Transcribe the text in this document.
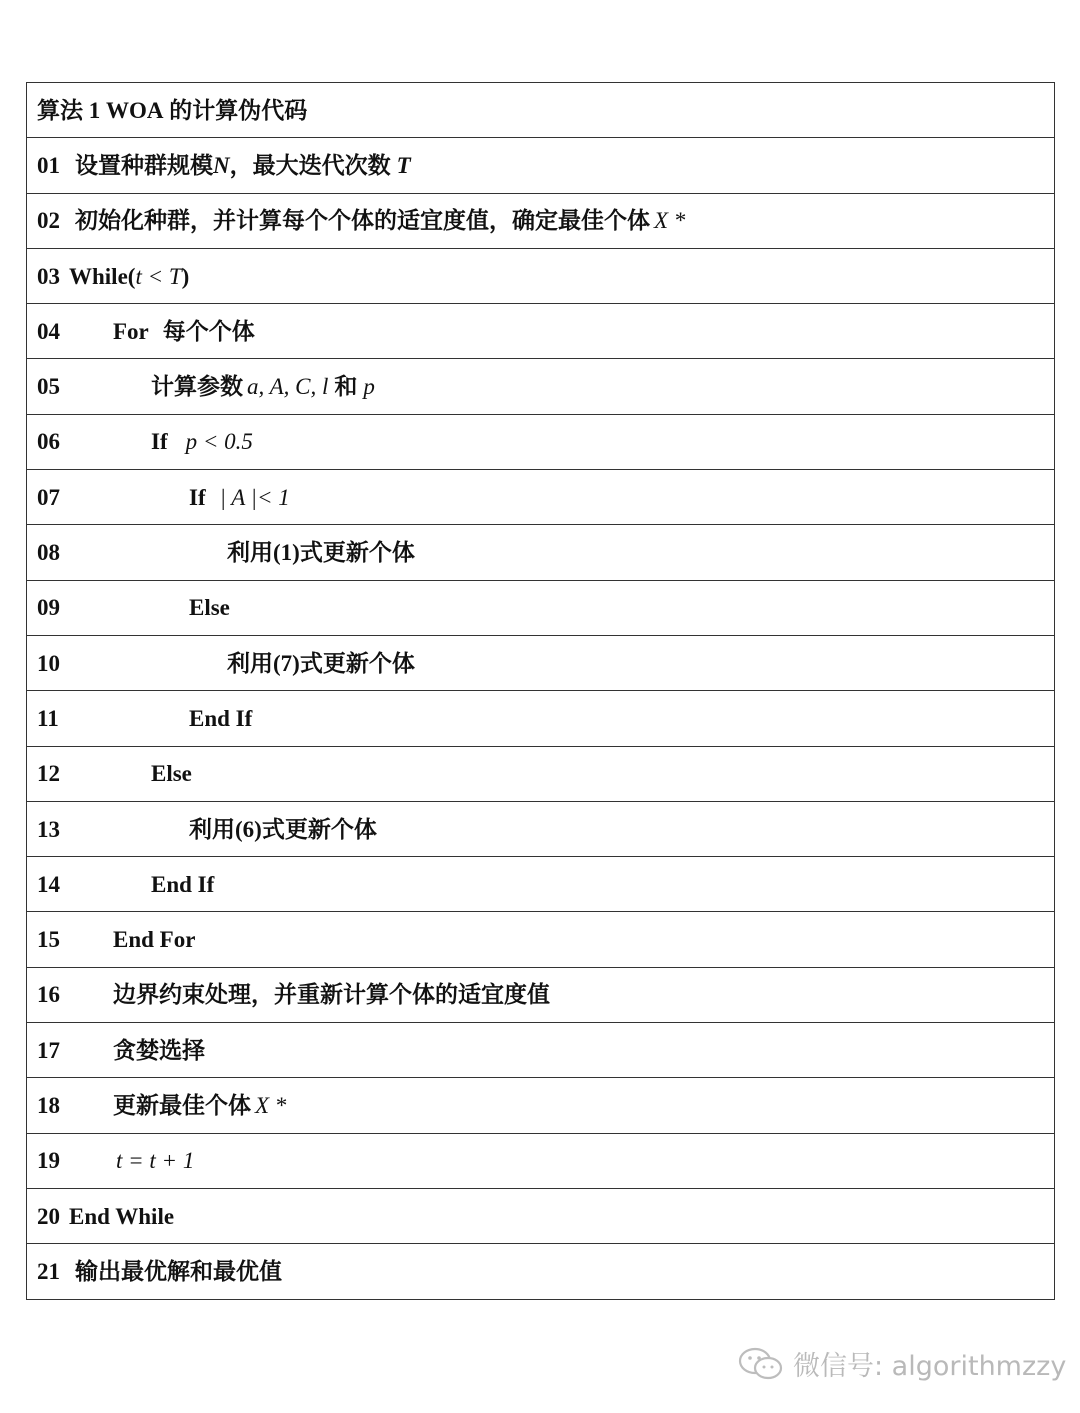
算法 1
WOA
的计算伪代码

01 设置种群规模 N ，最大迭代次数 T

02 初始化种群，并计算每个个体的适宜度值，确定最佳个体 X *

03 While( t < T )

04	For 每个个体

05	计算参数 a, A, C, l 和 p

06	If p < 0.5

07	If | A |< 1

08	利用(1)式更新个体

09	Else

10	利用(7)式更新个体

11	End If

12	Else

13	利用(6)式更新个体

14	End If

15	End For

16	边界约束处理，并重新计算个体的适宜度值

17	贪婪选择

18	更新最佳个体 X *

19	t = t + 1

20 End While

21 输出最优解和最优值
微信号: algorithmzzy
